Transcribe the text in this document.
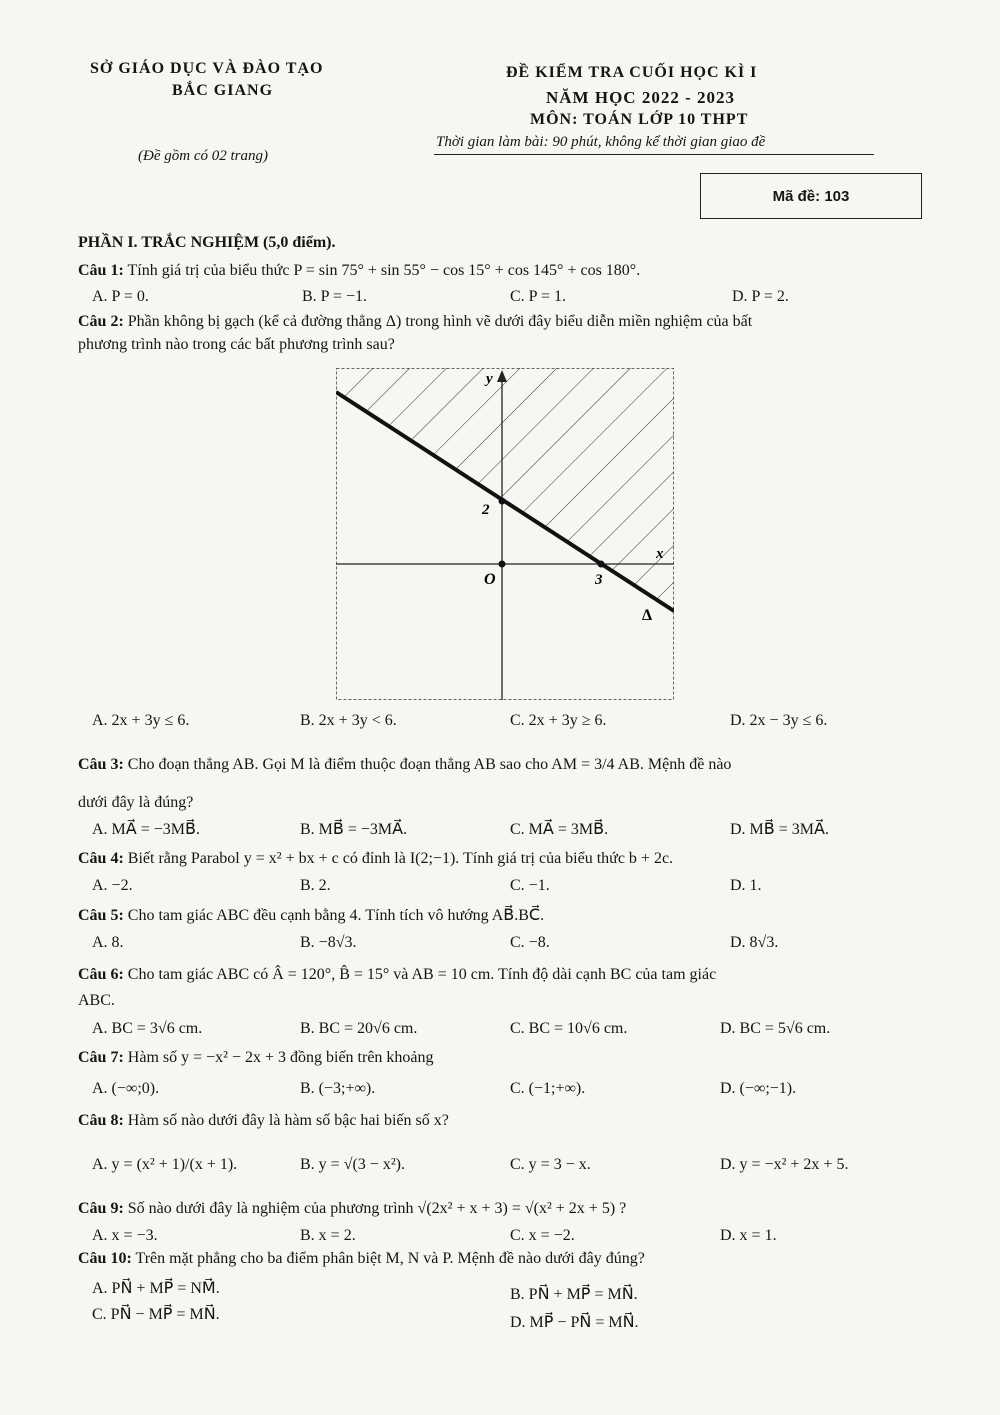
SỞ GIÁO DỤC VÀ ĐÀO TẠO
BẮC GIANG
(Đề gồm có 02 trang)
ĐỀ KIỂM TRA CUỐI HỌC KÌ I
NĂM HỌC 2022 - 2023
MÔN: TOÁN LỚP 10 THPT
Thời gian làm bài: 90 phút, không kể thời gian giao đề
Mã đề: 103
PHẦN I. TRẮC NGHIỆM (5,0 điểm).
Câu 1: Tính giá trị của biểu thức P = sin 75° + sin 55° − cos 15° + cos 145° + cos 180°.
A. P = 0.	B. P = −1.	C. P = 1.	D. P = 2.
Câu 2: Phần không bị gạch (kể cả đường thẳng Δ) trong hình vẽ dưới đây biểu diễn miền nghiệm của bất
phương trình nào trong các bất phương trình sau?
y
x
O
2
3
Δ
A. 2x + 3y ≤ 6.	B. 2x + 3y < 6.	C. 2x + 3y ≥ 6.	D. 2x − 3y ≤ 6.
Câu 3: Cho đoạn thẳng AB. Gọi M là điểm thuộc đoạn thẳng AB sao cho AM = 3/4 AB. Mệnh đề nào
dưới đây là đúng?
A. MA⃗ = −3MB⃗.	B. MB⃗ = −3MA⃗.	C. MA⃗ = 3MB⃗.	D. MB⃗ = 3MA⃗.
Câu 4: Biết rằng Parabol y = x² + bx + c có đỉnh là I(2;−1). Tính giá trị của biểu thức b + 2c.
A. −2.	B. 2.	C. −1.	D. 1.
Câu 5: Cho tam giác ABC đều cạnh bằng 4. Tính tích vô hướng AB⃗.BC⃗.
A. 8.	B. −8√3.	C. −8.	D. 8√3.
Câu 6: Cho tam giác ABC có Â = 120°, B̂ = 15° và AB = 10 cm. Tính độ dài cạnh BC của tam giác
ABC.
A. BC = 3√6 cm.	B. BC = 20√6 cm.	C. BC = 10√6 cm.	D. BC = 5√6 cm.
Câu 7: Hàm số y = −x² − 2x + 3 đồng biến trên khoảng
A. (−∞;0).	B. (−3;+∞).	C. (−1;+∞).	D. (−∞;−1).
Câu 8: Hàm số nào dưới đây là hàm số bậc hai biến số x?
A. y = (x² + 1)/(x + 1).	B. y = √(3 − x²).	C. y = 3 − x.	D. y = −x² + 2x + 5.
Câu 9: Số nào dưới đây là nghiệm của phương trình √(2x² + x + 3) = √(x² + 2x + 5) ?
A. x = −3.	B. x = 2.	C. x = −2.	D. x = 1.
Câu 10: Trên mặt phẳng cho ba điểm phân biệt M, N và P. Mệnh đề nào dưới đây đúng?
A. PN⃗ + MP⃗ = NM⃗.	B. PN⃗ + MP⃗ = MN⃗.
C. PN⃗ − MP⃗ = MN⃗.	D. MP⃗ − PN⃗ = MN⃗.
